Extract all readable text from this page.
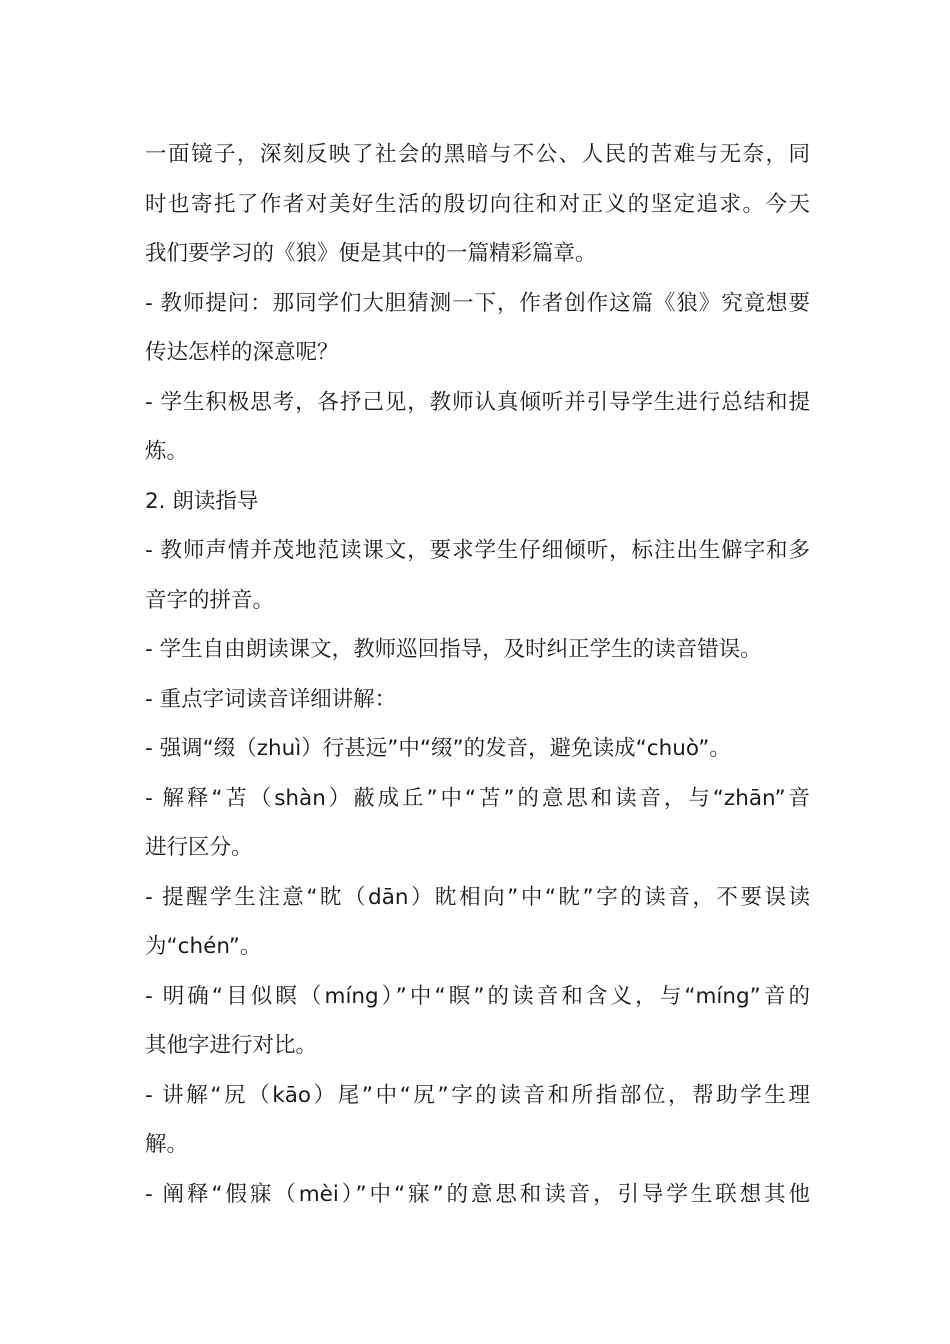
一面镜子，深刻反映了社会的黑暗与不公、人民的苦难与无奈，同
时也寄托了作者对美好生活的殷切向往和对正义的坚定追求。今天
我们要学习的《狼》便是其中的一篇精彩篇章。
- 教师提问：那同学们大胆猜测一下，作者创作这篇《狼》究竟想要
传达怎样的深意呢？
- 学生积极思考，各抒己见，教师认真倾听并引导学生进行总结和提
炼。
2. 朗读指导
- 教师声情并茂地范读课文，要求学生仔细倾听，标注出生僻字和多
音字的拼音。
- 学生自由朗读课文，教师巡回指导，及时纠正学生的读音错误。
- 重点字词读音详细讲解：
- 强调“缀（zhuì）行甚远”中“缀”的发音，避免读成“chuò”。
- 解释“苫（shàn）蔽成丘”中“苫”的意思和读音，与“zhān”音
进行区分。
- 提醒学生注意“眈（dān）眈相向”中“眈”字的读音，不要误读
为“chén”。
- 明确“目似瞑（míng）”中“瞑”的读音和含义，与“míng”音的
其他字进行对比。
- 讲解“尻（kāo）尾”中“尻”字的读音和所指部位，帮助学生理
解。
- 阐释“假寐（mèi）”中“寐”的意思和读音，引导学生联想其他
